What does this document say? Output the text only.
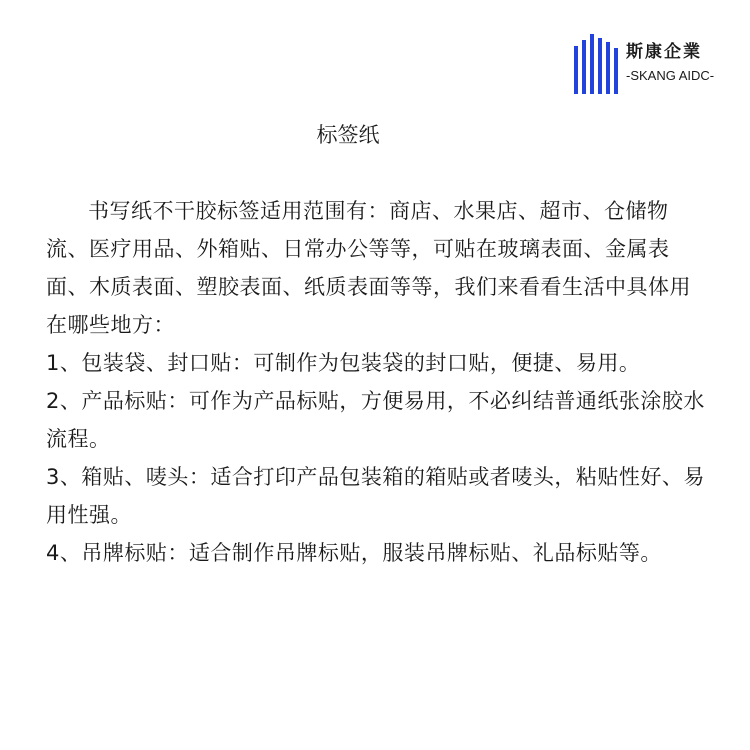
斯康企業
-SKANG AIDC-
标签纸

书写纸不干胶标签适用范围有：商店、水果店、超市、仓储物流、医疗用品、外箱贴、日常办公等等，可贴在玻璃表面、金属表面、木质表面、塑胶表面、纸质表面等等，我们来看看生活中具体用在哪些地方：

1、包装袋、封口贴：可制作为包装袋的封口贴，便捷、易用。

2、产品标贴：可作为产品标贴，方便易用，不必纠结普通纸张涂胶水流程。

3、箱贴、唛头：适合打印产品包装箱的箱贴或者唛头，粘贴性好、易用性强。

4、吊牌标贴：适合制作吊牌标贴，服装吊牌标贴、礼品标贴等。
